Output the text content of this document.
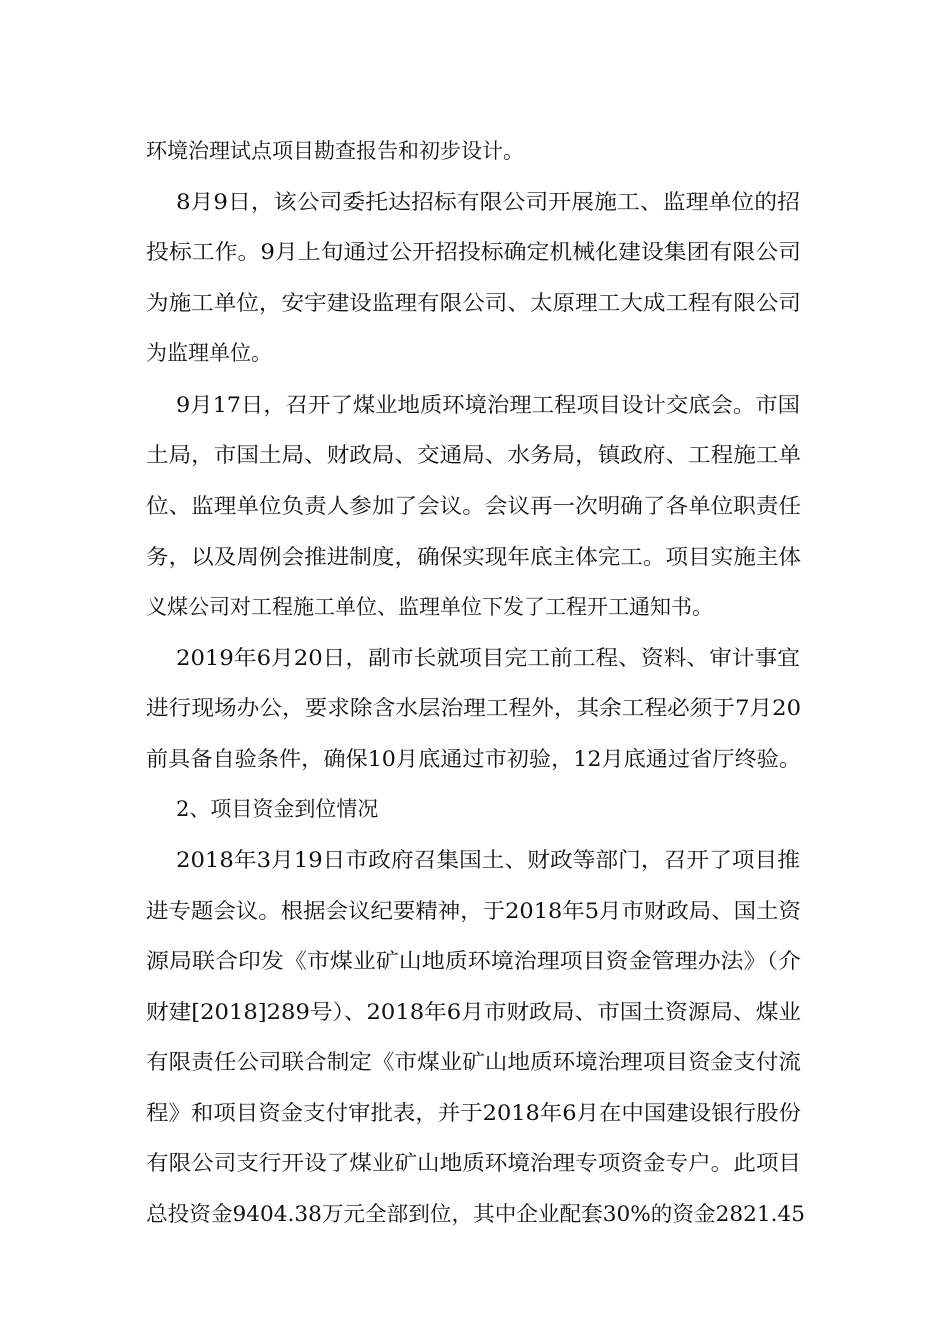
环境治理试点项目勘查报告和初步设计。
8月9日，该公司委托达招标有限公司开展施工、监理单位的招
投标工作。9月上旬通过公开招投标确定机械化建设集团有限公司
为施工单位，安宇建设监理有限公司、太原理工大成工程有限公司
为监理单位。
9月17日，召开了煤业地质环境治理工程项目设计交底会。市国
土局，市国土局、财政局、交通局、水务局，镇政府、工程施工单
位、监理单位负责人参加了会议。会议再一次明确了各单位职责任
务，以及周例会推进制度，确保实现年底主体完工。项目实施主体
义煤公司对工程施工单位、监理单位下发了工程开工通知书。
2019年6月20日，副市长就项目完工前工程、资料、审计事宜
进行现场办公，要求除含水层治理工程外，其余工程必须于7月20
前具备自验条件，确保10月底通过市初验，12月底通过省厅终验。
2、项目资金到位情况
2018年3月19日市政府召集国土、财政等部门，召开了项目推
进专题会议。根据会议纪要精神，于2018年5月市财政局、国土资
源局联合印发《市煤业矿山地质环境治理项目资金管理办法》（介
财建[2018]289号）、2018年6月市财政局、市国土资源局、煤业
有限责任公司联合制定《市煤业矿山地质环境治理项目资金支付流
程》和项目资金支付审批表，并于2018年6月在中国建设银行股份
有限公司支行开设了煤业矿山地质环境治理专项资金专户。此项目
总投资金9404.38万元全部到位，其中企业配套30%的资金2821.45
